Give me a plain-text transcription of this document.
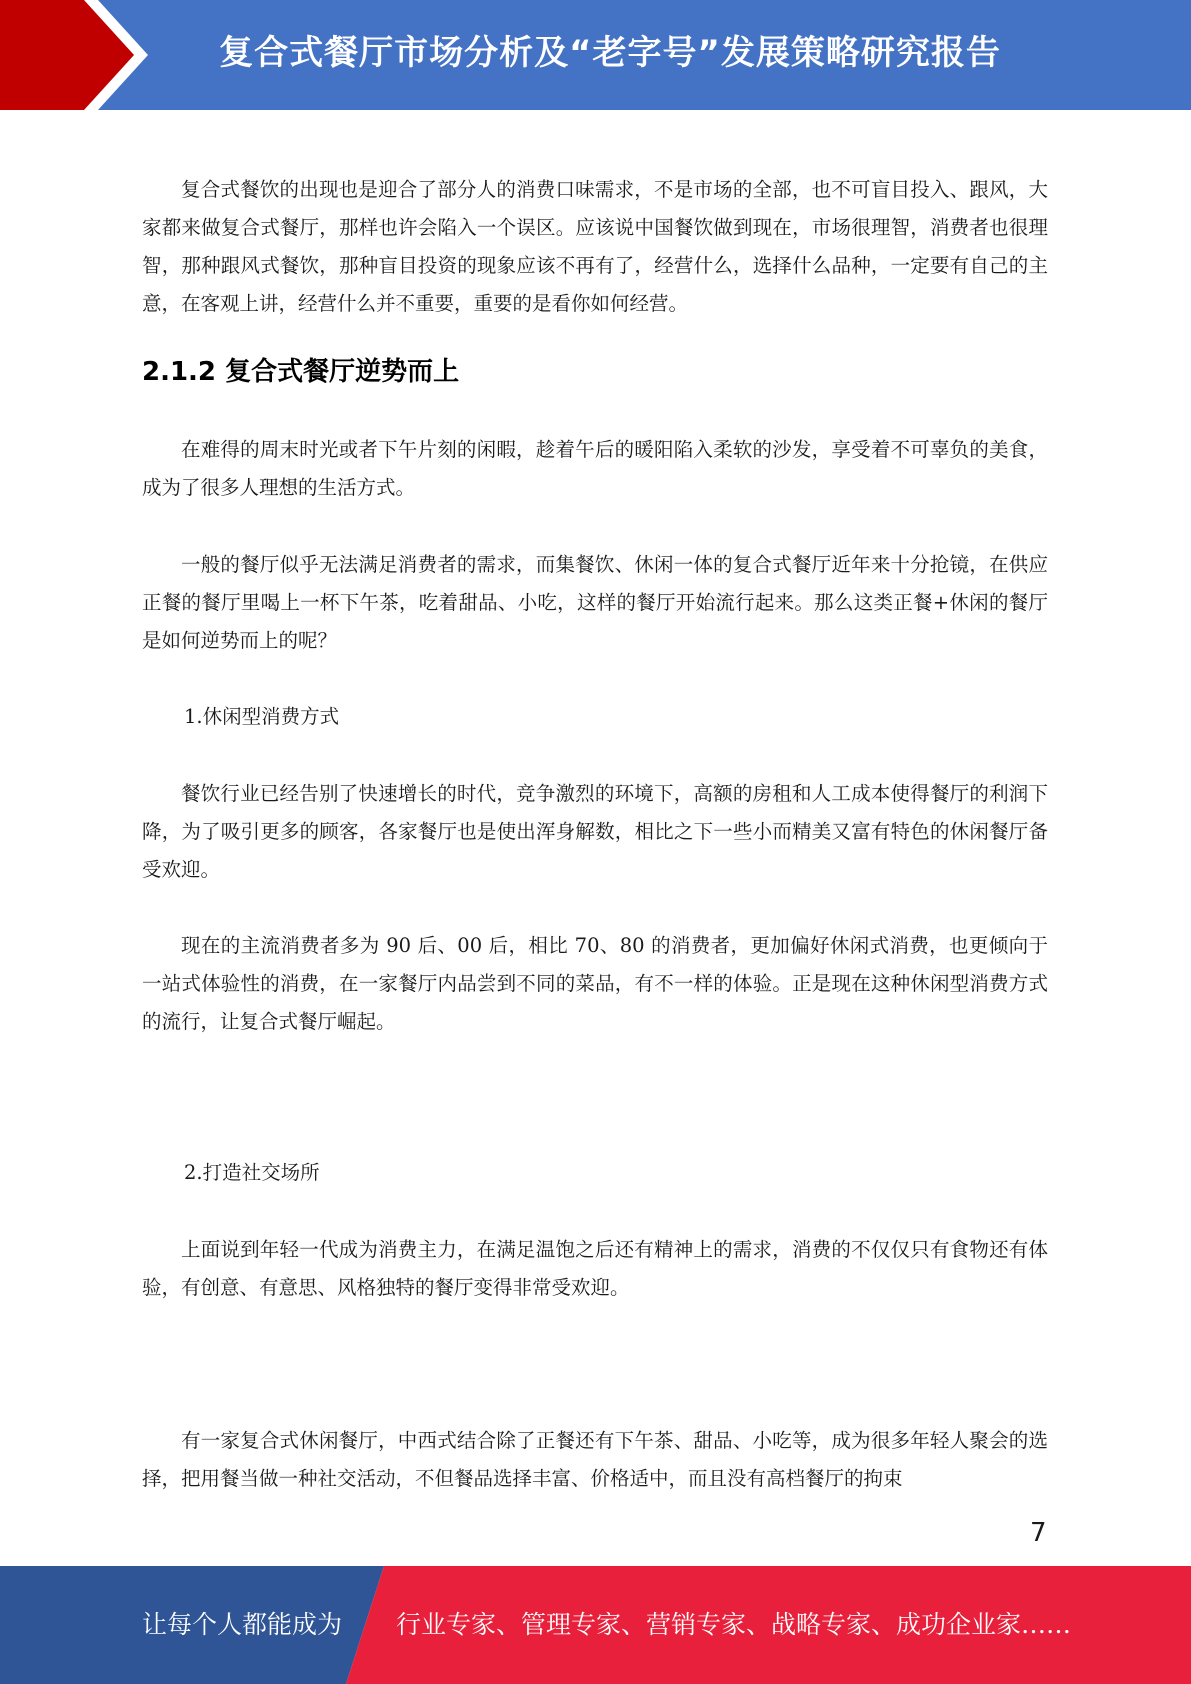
复合式餐厅市场分析及“老字号”发展策略研究报告

复合式餐饮的出现也是迎合了部分人的消费口味需求，不是市场的全部，也不可盲目投入、跟风，大家都来做复合式餐厅，那样也许会陷入一个误区。应该说中国餐饮做到现在，市场很理智，消费者也很理智，那种跟风式餐饮，那种盲目投资的现象应该不再有了，经营什么，选择什么品种，一定要有自己的主意，在客观上讲，经营什么并不重要，重要的是看你如何经营。

2.1.2 复合式餐厅逆势而上

在难得的周末时光或者下午片刻的闲暇，趁着午后的暖阳陷入柔软的沙发，享受着不可辜负的美食，成为了很多人理想的生活方式。

一般的餐厅似乎无法满足消费者的需求，而集餐饮、休闲一体的复合式餐厅近年来十分抢镜，在供应正餐的餐厅里喝上一杯下午茶，吃着甜品、小吃，这样的餐厅开始流行起来。那么这类正餐+休闲的餐厅是如何逆势而上的呢？

1.休闲型消费方式

餐饮行业已经告别了快速增长的时代，竞争激烈的环境下，高额的房租和人工成本使得餐厅的利润下降，为了吸引更多的顾客，各家餐厅也是使出浑身解数，相比之下一些小而精美又富有特色的休闲餐厅备受欢迎。

现在的主流消费者多为 90 后、00 后，相比 70、80 的消费者，更加偏好休闲式消费，也更倾向于一站式体验性的消费，在一家餐厅内品尝到不同的菜品，有不一样的体验。正是现在这种休闲型消费方式的流行，让复合式餐厅崛起。

2.打造社交场所

上面说到年轻一代成为消费主力，在满足温饱之后还有精神上的需求，消费的不仅仅只有食物还有体验，有创意、有意思、风格独特的餐厅变得非常受欢迎。

有一家复合式休闲餐厅，中西式结合除了正餐还有下午茶、甜品、小吃等，成为很多年轻人聚会的选择，把用餐当做一种社交活动，不但餐品选择丰富、价格适中，而且没有高档餐厅的拘束

7
让每个人都能成为 行业专家、管理专家、营销专家、战略专家、成功企业家……
